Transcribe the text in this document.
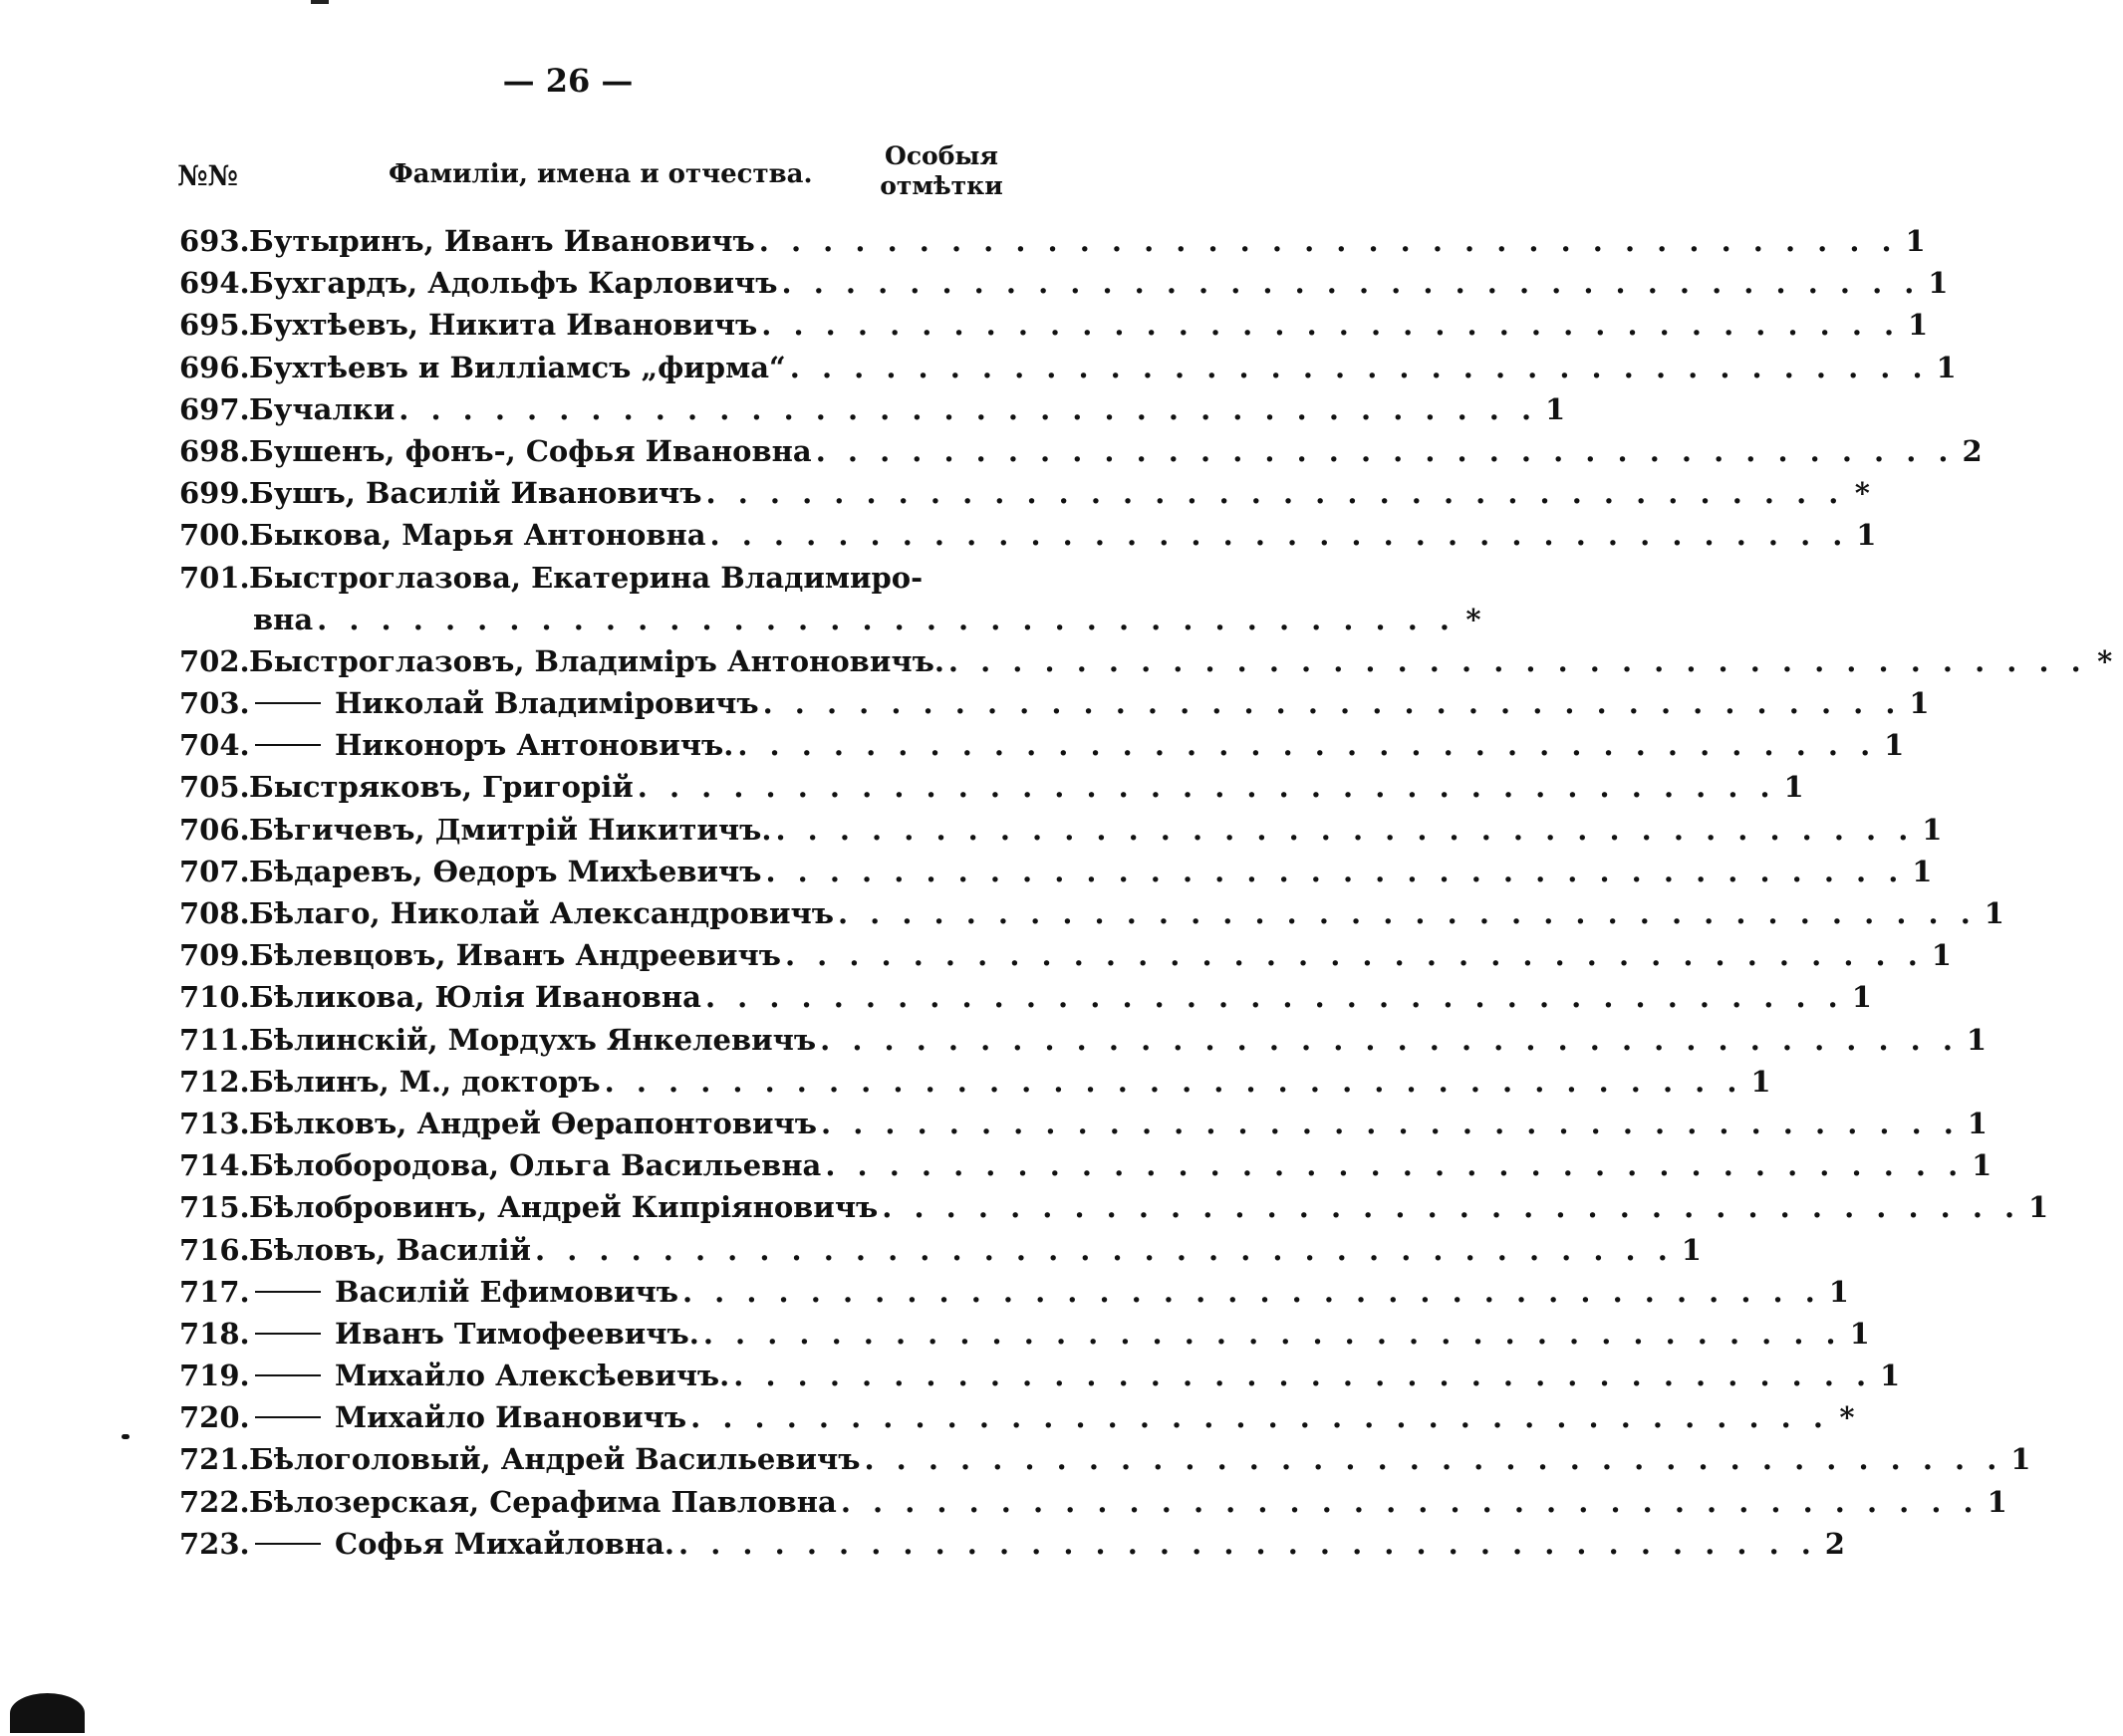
— 26 —
№№	Фамиліи, имена и отчества.
Особыя
отмѣтки
693. Бутыринъ, Иванъ Ивановичъ . . . . . . . . . . . . . . . . . . . . . . . . . . . . . . . . . . . . 1
694. Бухгардъ, Адольфъ Карловичъ . . . . . . . . . . . . . . . . . . . . . . . . . . . . . . . . . . . . 1
695. Бухтѣевъ, Никита Ивановичъ . . . . . . . . . . . . . . . . . . . . . . . . . . . . . . . . . . . . 1
696. Бухтѣевъ и Вилліамсъ „фирма“ . . . . . . . . . . . . . . . . . . . . . . . . . . . . . . . . . . . . 1
697. Бучалки . . . . . . . . . . . . . . . . . . . . . . . . . . . . . . . . . . . . 1
698. Бушенъ, фонъ-, Софья Ивановна . . . . . . . . . . . . . . . . . . . . . . . . . . . . . . . . . . . . 2
699. Бушъ, Василій Ивановичъ . . . . . . . . . . . . . . . . . . . . . . . . . . . . . . . . . . . . *
700. Быкова, Марья Антоновна . . . . . . . . . . . . . . . . . . . . . . . . . . . . . . . . . . . . 1
701. Быстроглазова, Екатерина Владимиро-
вна . . . . . . . . . . . . . . . . . . . . . . . . . . . . . . . . . . . . *
702. Быстроглазовъ, Владиміръ Антоновичъ. . . . . . . . . . . . . . . . . . . . . . . . . . . . . . . . . . . . . *
703.	Николай Владиміровичъ . . . . . . . . . . . . . . . . . . . . . . . . . . . . . . . . . . . . 1
704.	Никонoръ Антоновичъ. . . . . . . . . . . . . . . . . . . . . . . . . . . . . . . . . . . . . 1
705. Быстряковъ, Григорій . . . . . . . . . . . . . . . . . . . . . . . . . . . . . . . . . . . . 1
706. Бѣгичевъ, Дмитрій Никитичъ. . . . . . . . . . . . . . . . . . . . . . . . . . . . . . . . . . . . . 1
707. Бѣдаревъ, Өедоръ Михѣевичъ . . . . . . . . . . . . . . . . . . . . . . . . . . . . . . . . . . . . 1
708. Бѣлаго, Николай Александровичъ . . . . . . . . . . . . . . . . . . . . . . . . . . . . . . . . . . . . 1
709. Бѣлевцовъ, Иванъ Андреевичъ . . . . . . . . . . . . . . . . . . . . . . . . . . . . . . . . . . . . 1
710. Бѣликова, Юлія Ивановна . . . . . . . . . . . . . . . . . . . . . . . . . . . . . . . . . . . . 1
711. Бѣлинскій, Мордухъ Янкелевичъ . . . . . . . . . . . . . . . . . . . . . . . . . . . . . . . . . . . . 1
712. Бѣлинъ, М., докторъ . . . . . . . . . . . . . . . . . . . . . . . . . . . . . . . . . . . . 1
713. Бѣлковъ, Андрей Өерапонтовичъ . . . . . . . . . . . . . . . . . . . . . . . . . . . . . . . . . . . . 1
714. Бѣлобородова, Ольга Васильевна . . . . . . . . . . . . . . . . . . . . . . . . . . . . . . . . . . . . 1
715. Бѣлобровинъ, Андрей Кипріяновичъ . . . . . . . . . . . . . . . . . . . . . . . . . . . . . . . . . . . . 1
716. Бѣловъ, Василій . . . . . . . . . . . . . . . . . . . . . . . . . . . . . . . . . . . . 1
717.	Василій Ефимовичъ . . . . . . . . . . . . . . . . . . . . . . . . . . . . . . . . . . . . 1
718.	Иванъ Тимофеевичъ. . . . . . . . . . . . . . . . . . . . . . . . . . . . . . . . . . . . . 1
719.	Михайло Алексѣевичъ. . . . . . . . . . . . . . . . . . . . . . . . . . . . . . . . . . . . . 1
720.	Михайло Ивановичъ . . . . . . . . . . . . . . . . . . . . . . . . . . . . . . . . . . . . *
721. Бѣлоголовый, Андрей Васильевичъ . . . . . . . . . . . . . . . . . . . . . . . . . . . . . . . . . . . . 1
722. Бѣлозерская, Серафима Павловна . . . . . . . . . . . . . . . . . . . . . . . . . . . . . . . . . . . . 1
723.	Софья Михайловна. . . . . . . . . . . . . . . . . . . . . . . . . . . . . . . . . . . . . 2
